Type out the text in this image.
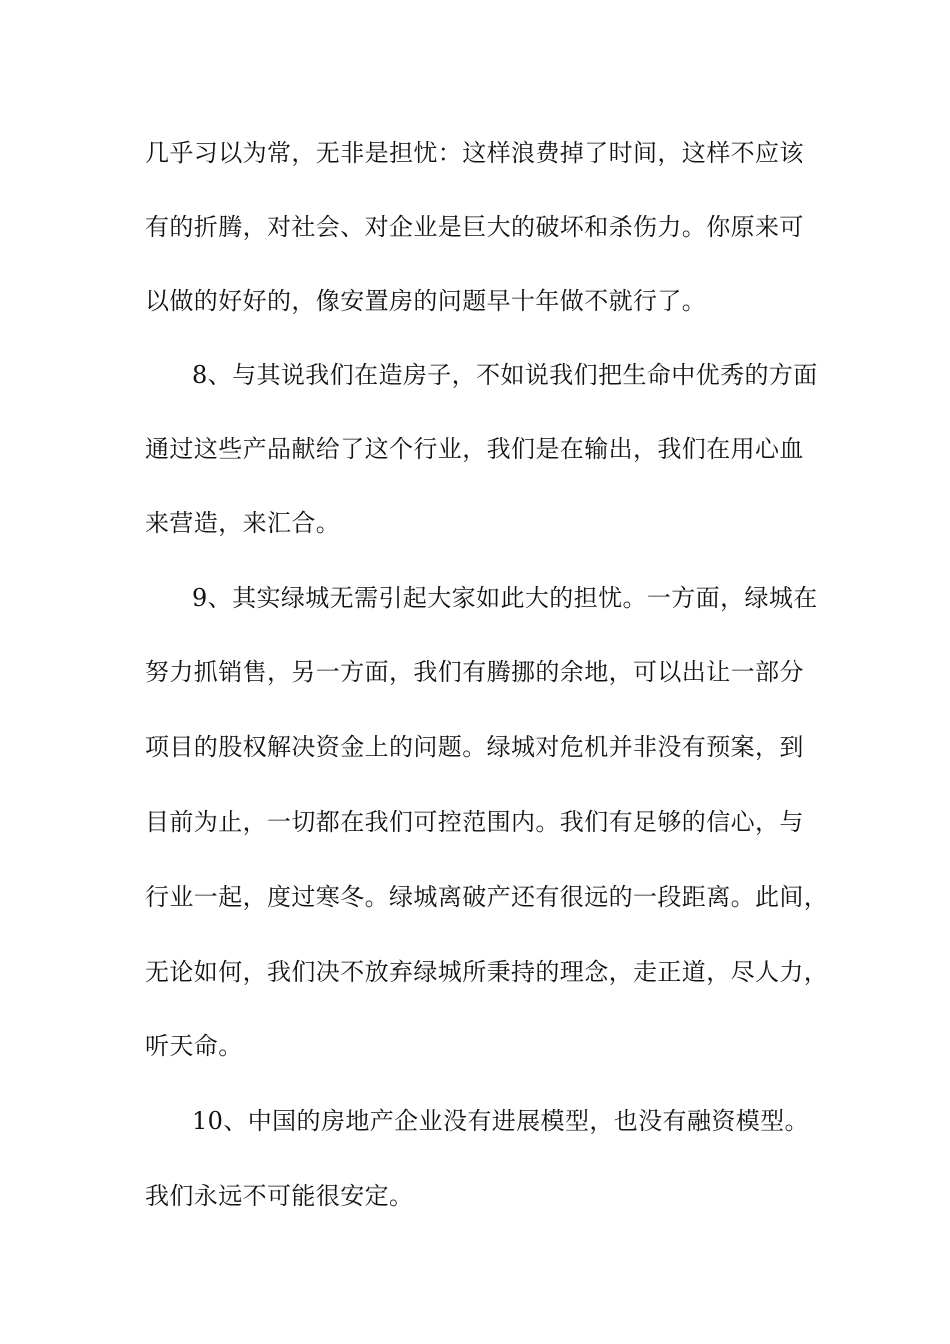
几乎习以为常，无非是担忧：这样浪费掉了时间，这样不应该
有的折腾，对社会、对企业是巨大的破坏和杀伤力。你原来可
以做的好好的，像安置房的问题早十年做不就行了。
8、与其说我们在造房子，不如说我们把生命中优秀的方面
通过这些产品献给了这个行业，我们是在输出，我们在用心血
来营造，来汇合。
9、其实绿城无需引起大家如此大的担忧。一方面，绿城在
努力抓销售，另一方面，我们有腾挪的余地，可以出让一部分
项目的股权解决资金上的问题。绿城对危机并非没有预案，到
目前为止，一切都在我们可控范围内。我们有足够的信心，与
行业一起，度过寒冬。绿城离破产还有很远的一段距离。此间，
无论如何，我们决不放弃绿城所秉持的理念，走正道，尽人力，
听天命。
10、中国的房地产企业没有进展模型，也没有融资模型。
我们永远不可能很安定。
